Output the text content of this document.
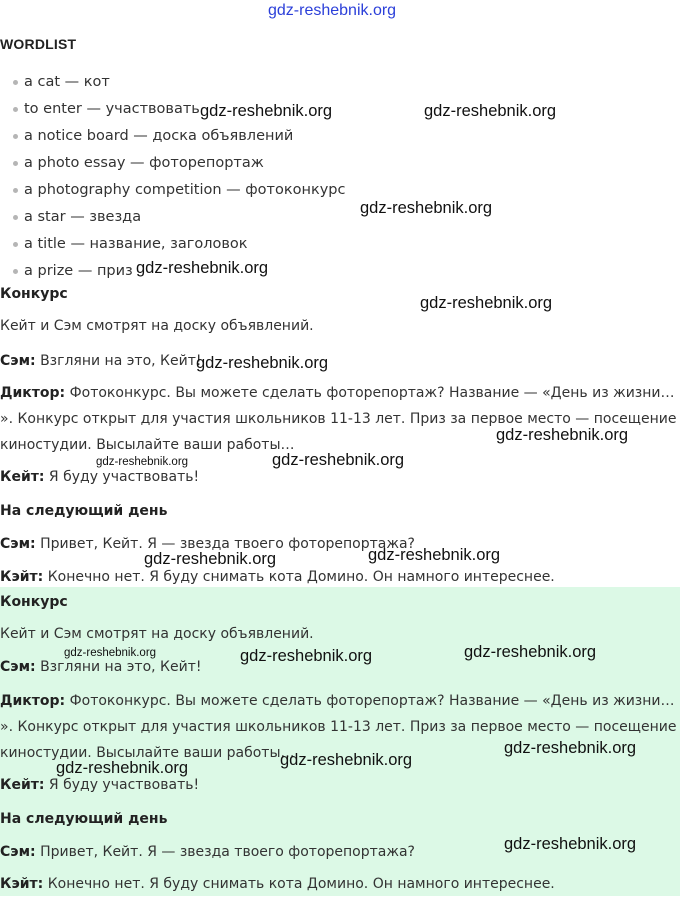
gdz-reshebnik.org
WORDLIST
a cat — кот
to enter — участвовать
a notice board — доска объявлений
a photo essay — фоторепортаж
a photography competition — фотоконкурс
a star — звезда
a title — название, заголовок
a prize — приз
Конкурс
Кейт и Сэм смотрят на доску объявлений.
Сэм: Взгляни на это, Кейт!
Диктор: Фотоконкурс. Вы можете сделать фоторепортаж? Название — «День из жизни… ». Конкурс открыт для участия школьников 11-13 лет. Приз за первое место — посещение киностудии. Высылайте ваши работы…
Кейт: Я буду участвовать!
На следующий день
Сэм: Привет, Кейт. Я — звезда твоего фоторепортажа?
Кэйт: Конечно нет. Я буду снимать кота Домино. Он намного интереснее.
Конкурс
Кейт и Сэм смотрят на доску объявлений.
Сэм: Взгляни на это, Кейт!
Диктор: Фотоконкурс. Вы можете сделать фоторепортаж? Название — «День из жизни… ». Конкурс открыт для участия школьников 11-13 лет. Приз за первое место — посещение киностудии. Высылайте ваши работы…
Кейт: Я буду участвовать!
На следующий день
Сэм: Привет, Кейт. Я — звезда твоего фоторепортажа?
Кэйт: Конечно нет. Я буду снимать кота Домино. Он намного интереснее.
gdz-reshebnik.org	gdz-reshebnik.org
gdz-reshebnik.org
gdz-reshebnik.org
gdz-reshebnik.org
gdz-reshebnik.org
gdz-reshebnik.org
gdz-reshebnik.org	gdz-reshebnik.org
gdz-reshebnik.org	gdz-reshebnik.org
gdz-reshebnik.org	gdz-reshebnik.org	gdz-reshebnik.org
gdz-reshebnik.org
gdz-reshebnik.org	gdz-reshebnik.org
gdz-reshebnik.org
